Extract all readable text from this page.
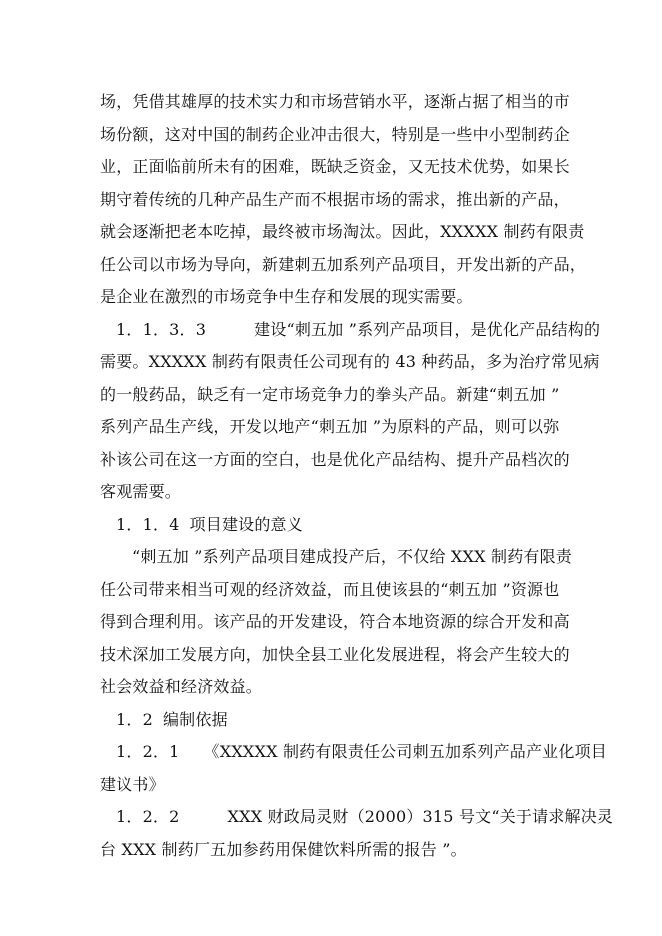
场，凭借其雄厚的技术实力和市场营销水平，逐渐占据了相当的市
场份额，这对中国的制药企业冲击很大，特别是一些中小型制药企
业，正面临前所未有的困难，既缺乏资金，又无技术优势，如果长
期守着传统的几种产品生产而不根据市场的需求，推出新的产品，
就会逐渐把老本吃掉，最终被市场淘汰。因此，XXXXX 制药有限责
任公司以市场为导向，新建刺五加系列产品项目，开发出新的产品，
是企业在激烈的市场竞争中生存和发展的现实需要。
1．1．3．3	建设“刺五加 ”系列产品项目，是优化产品结构的
需要。XXXXX 制药有限责任公司现有的 43 种药品，多为治疗常见病
的一般药品，缺乏有一定市场竞争力的拳头产品。新建“刺五加 ”
系列产品生产线，开发以地产“刺五加 ”为原料的产品，则可以弥
补该公司在这一方面的空白，也是优化产品结构、提升产品档次的
客观需要。
1．1．4 项目建设的意义
“刺五加 ”系列产品项目建成投产后，不仅给 XXX 制药有限责
任公司带来相当可观的经济效益，而且使该县的“刺五加 ”资源也
得到合理利用。该产品的开发建设，符合本地资源的综合开发和高
技术深加工发展方向，加快全县工业化发展进程，将会产生较大的
社会效益和经济效益。
1．2 编制依据
1．2．1 《XXXXX 制药有限责任公司刺五加系列产品产业化项目
建议书》
1．2．2	XXX 财政局灵财（2000）315 号文“关于请求解决灵
台 XXX 制药厂五加参药用保健饮料所需的报告 ”。
